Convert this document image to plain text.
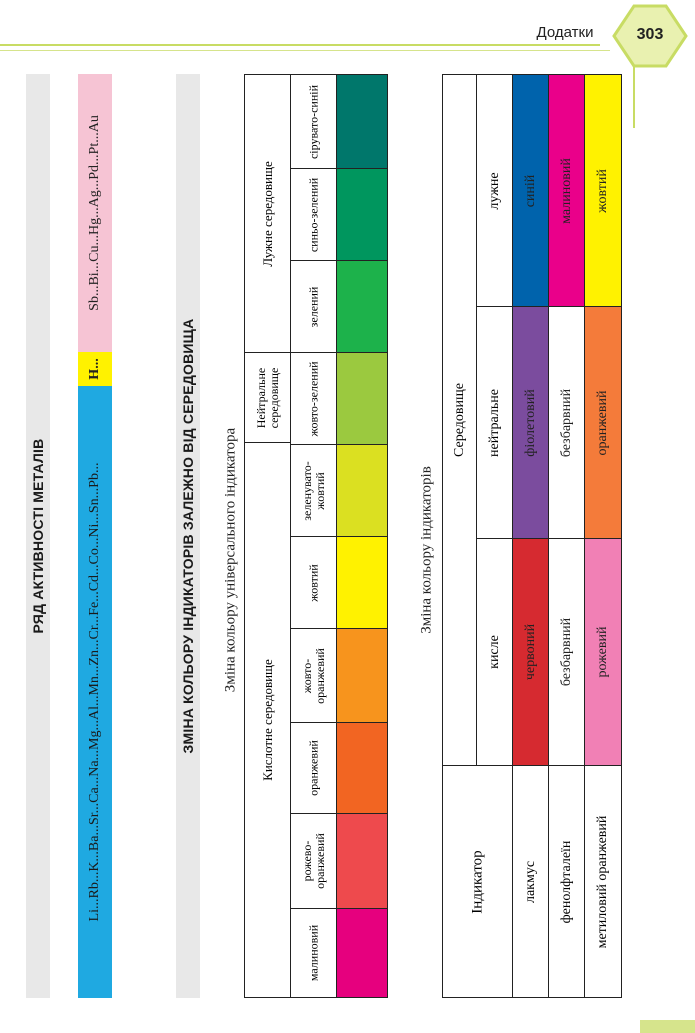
Додатки	303
РЯД АКТИВНОСТІ МЕТАЛІВ
Sb...Bi...Cu...Hg...Ag...Pd...Pt...Au
H...
Li...Rb...K...Ba...Sr...Ca...Na...Mg...Al...Mn...Zn...Cr...Fe...Cd...Co...Ni...Sn...Pb...	ЗМІНА КОЛЬОРУ ІНДИКАТОРІВ ЗАЛЕЖНО ВІД СЕРЕДОВИЩА Зміна кольору універсального індикатора
Лужне середовище
Нейтральне середовище
Кислотне середовище
малиновий
рожево-оранжевий
оранжевий
жовто-оранжевий
жовтий
зеленувато-жовтий
жовто-зелений
зелений
синьо-зелений
сірувато-синій
Зміна кольору індикаторів
Середовище
Індикатор
лужне
нейтральне
кисле
лакмус
синій
фіолетовий
червоний
фенолфталеїн
малиновий
безбарвний
безбарвний
метиловий оранжевий
жовтий
оранжевий
рожевий
